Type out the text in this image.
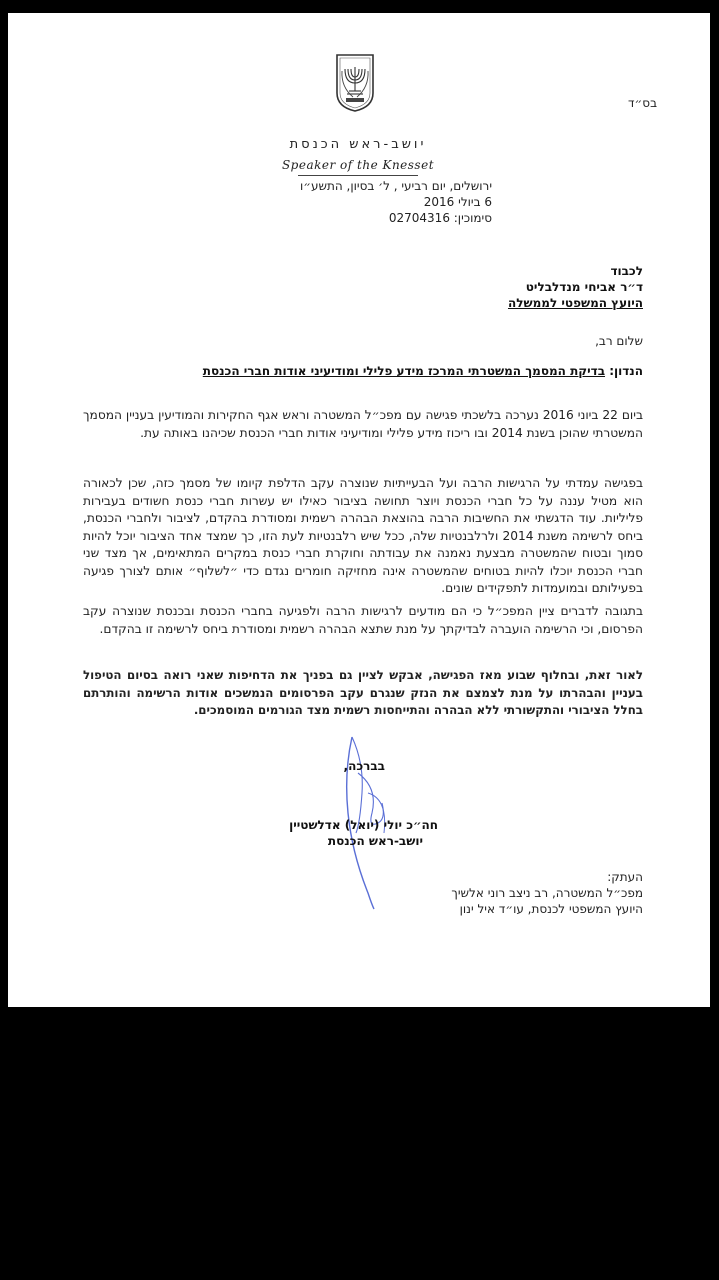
בס״ד
יושב-ראש הכנסת
Speaker of the Knesset
ירושלים, יום רביעי , ל׳ בסיון, התשע״ו
6 ביולי 2016
סימוכין: 02704316
לכבוד
ד״ר אביחי מנדלבליט
היועץ המשפטי לממשלה
שלום רב,
הנדון: בדיקת המסמך המשטרתי המרכז מידע פלילי ומודיעיני אודות חברי הכנסת
ביום 22 ביוני 2016 נערכה בלשכתי פגישה עם מפכ״ל המשטרה וראש אגף החקירות והמודיעין בעניין המסמך המשטרתי שהוכן בשנת 2014 ובו ריכוז מידע פלילי ומודיעיני אודות חברי הכנסת שכיהנו באותה עת.
בפגישה עמדתי על הרגישות הרבה ועל הבעייתיות שנוצרה עקב הדלפת קיומו של מסמך כזה, שכן לכאורה הוא מטיל עננה על כל חברי הכנסת ויוצר תחושה בציבור כאילו יש עשרות חברי כנסת חשודים בעבירות פליליות. עוד הדגשתי את החשיבות הרבה בהוצאת הבהרה רשמית ומסודרת בהקדם, לציבור ולחברי הכנסת, ביחס לרשימה משנת 2014 ולרלבנטיות שלה, ככל שיש רלבנטיות לעת הזו, כך שמצד אחד הציבור יוכל להיות סמוך ובטוח שהמשטרה מבצעת נאמנה את עבודתה וחוקרת חברי כנסת במקרים המתאימים, אך מצד שני חברי הכנסת יוכלו להיות בטוחים שהמשטרה אינה מחזיקה חומרים נגדם כדי ״לשלוף״ אותם לצורך פגיעה בפעילותם ובמועמדות לתפקידים שונים.
בתגובה לדברים ציין המפכ״ל כי הם מודעים לרגישות הרבה ולפגיעה בחברי הכנסת ובכנסת שנוצרה עקב הפרסום, וכי הרשימה הועברה לבדיקתך על מנת שתצא הבהרה רשמית ומסודרת ביחס לרשימה זו בהקדם.
לאור זאת, ובחלוף שבוע מאז הפגישה, אבקש לציין גם בפניך את הדחיפות שאני רואה בסיום הטיפול בעניין והבהרתו על מנת לצמצם את הנזק שנגרם עקב הפרסומים הנמשכים אודות הרשימה והותרתם בחלל הציבורי והתקשורתי ללא הבהרה והתייחסות רשמית מצד הגורמים המוסמכים.
בברכה,
חה״כ יולי (יואל) אדלשטיין
יושב-ראש הכנסת
העתק:
מפכ״ל המשטרה, רב ניצב רוני אלשיך
היועץ המשפטי לכנסת, עו״ד איל ינון
